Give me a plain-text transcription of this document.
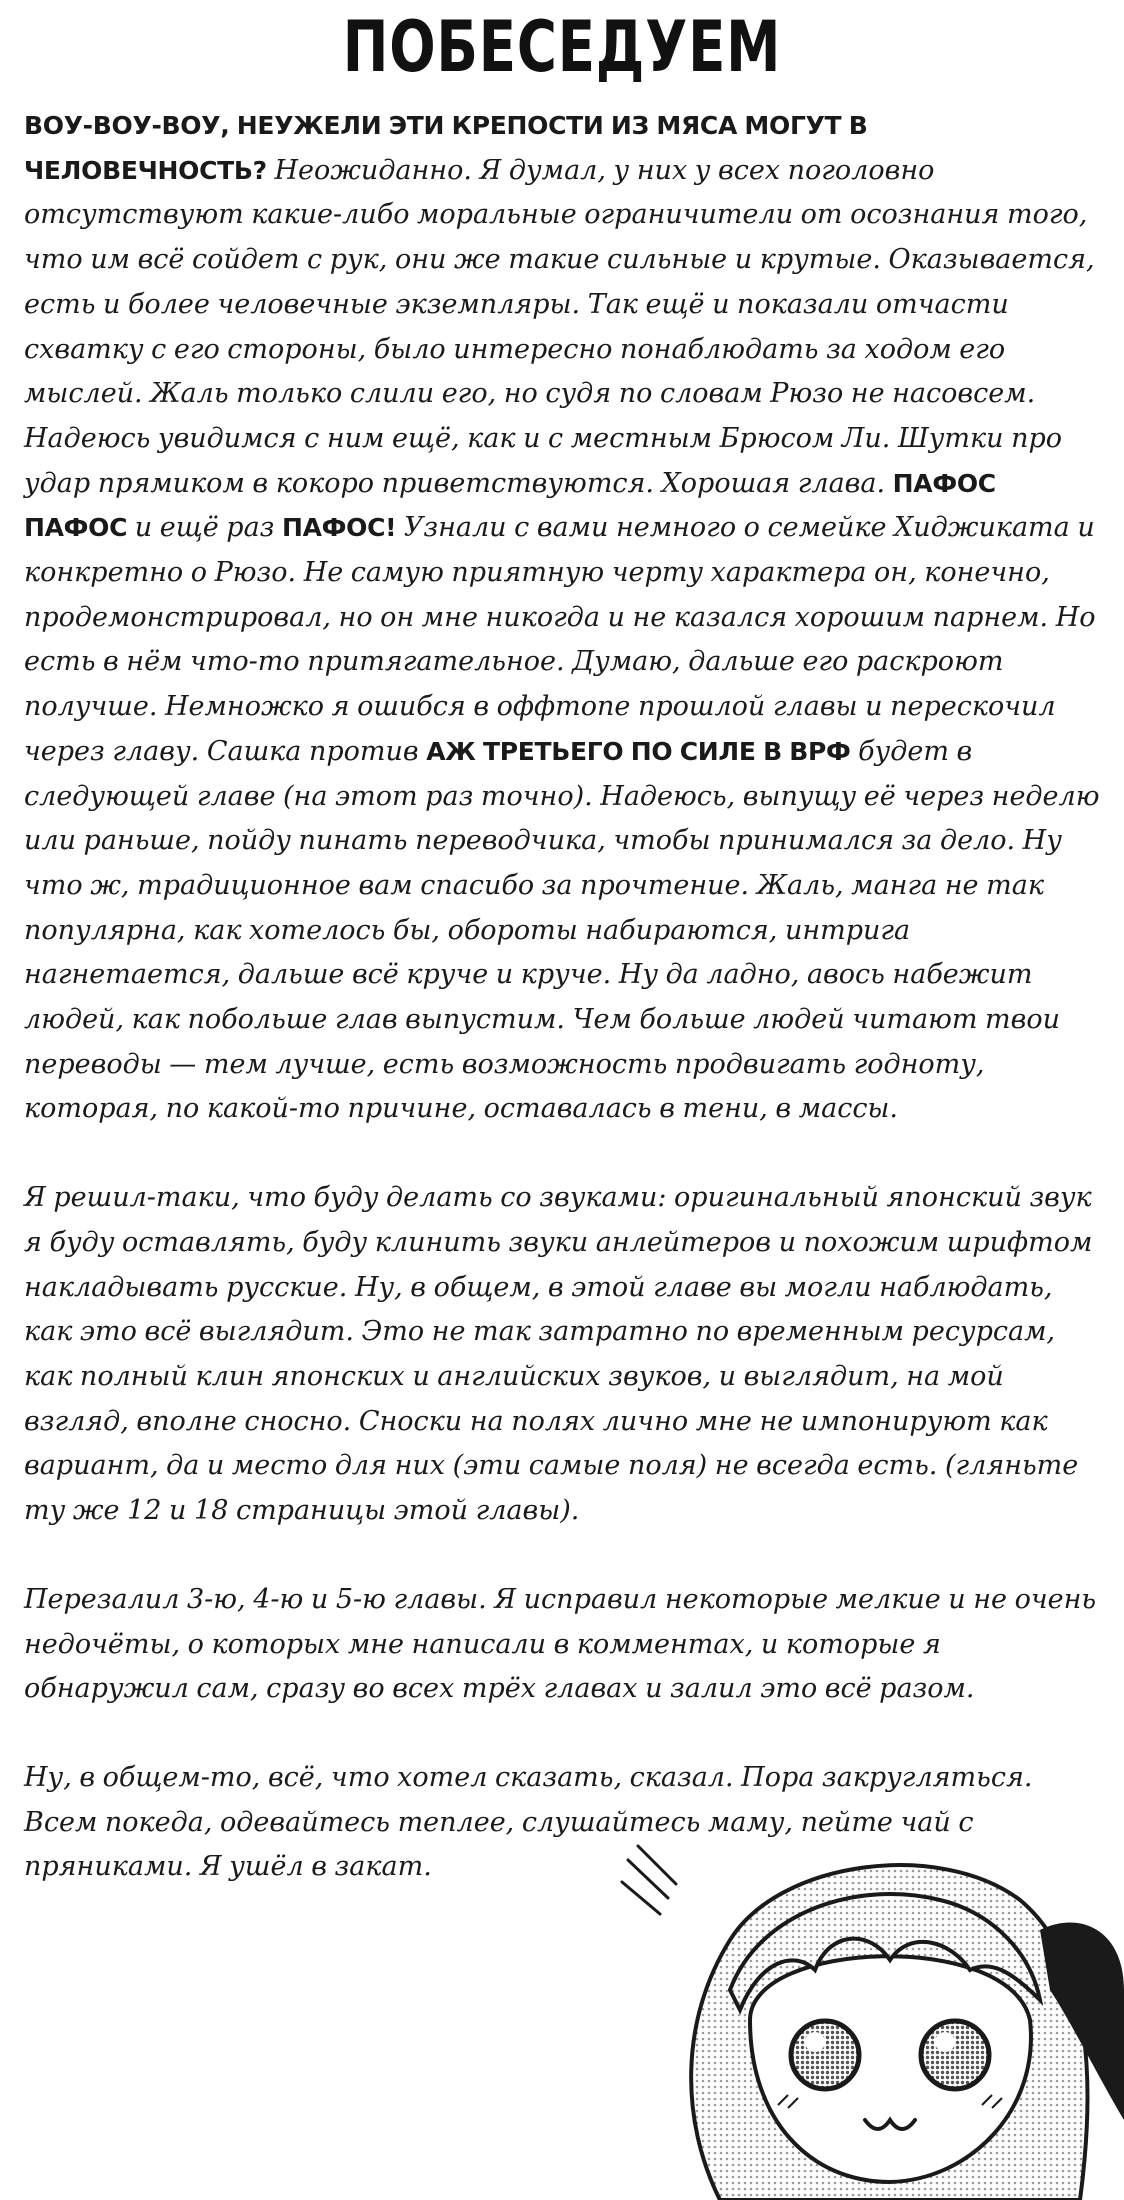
ПОБЕСЕДУЕМ

ВОУ-ВОУ-ВОУ, НЕУЖЕЛИ ЭТИ КРЕПОСТИ ИЗ МЯСА МОГУТ В ЧЕЛОВЕЧНОСТЬ? Неожиданно. Я думал, у них у всех поголовно отсутствуют какие-либо моральные ограничители от осознания того, что им всё сойдет с рук, они же такие сильные и крутые. Оказывается, есть и более человечные экземпляры. Так ещё и показали отчасти схватку с его стороны, было интересно понаблюдать за ходом его мыслей. Жаль только слили его, но судя по словам Рюзо не насовсем. Надеюсь увидимся с ним ещё, как и с местным Брюсом Ли. Шутки про удар прямиком в кокоро приветствуются. Хорошая глава. ПАФОС ПАФОС и ещё раз ПАФОС! Узнали с вами немного о семейке Хиджиката и конкретно о Рюзо. Не самую приятную черту характера он, конечно, продемонстрировал, но он мне никогда и не казался хорошим парнем. Но есть в нём что-то притягательное. Думаю, дальше его раскроют получше. Немножко я ошибся в оффтопе прошлой главы и перескочил через главу. Сашка против АЖ ТРЕТЬЕГО ПО СИЛЕ В ВРФ будет в следующей главе (на этот раз точно). Надеюсь, выпущу её через неделю или раньше, пойду пинать переводчика, чтобы принимался за дело. Ну что ж, традиционное вам спасибо за прочтение. Жаль, манга не так популярна, как хотелось бы, обороты набираются, интрига нагнетается, дальше всё круче и круче. Ну да ладно, авось набежит людей, как побольше глав выпустим. Чем больше людей читают твои переводы — тем лучше, есть возможность продвигать годноту, которая, по какой-то причине, оставалась в тени, в массы.

Я решил-таки, что буду делать со звуками: оригинальный японский звук я буду оставлять, буду клинить звуки анлейтеров и похожим шрифтом накладывать русские. Ну, в общем, в этой главе вы могли наблюдать, как это всё выглядит. Это не так затратно по временным ресурсам, как полный клин японских и английских звуков, и выглядит, на мой взгляд, вполне сносно. Сноски на полях лично мне не импонируют как вариант, да и место для них (эти самые поля) не всегда есть. (гляньте ту же 12 и 18 страницы этой главы).

Перезалил 3-ю, 4-ю и 5-ю главы. Я исправил некоторые мелкие и не очень недочёты, о которых мне написали в комментах, и которые я обнаружил сам, сразу во всех трёх главах и залил это всё разом.

Ну, в общем-то, всё, что хотел сказать, сказал. Пора закругляться. Всем покеда, одевайтесь теплее, слушайтесь маму, пейте чай с пряниками. Я ушёл в закат.
